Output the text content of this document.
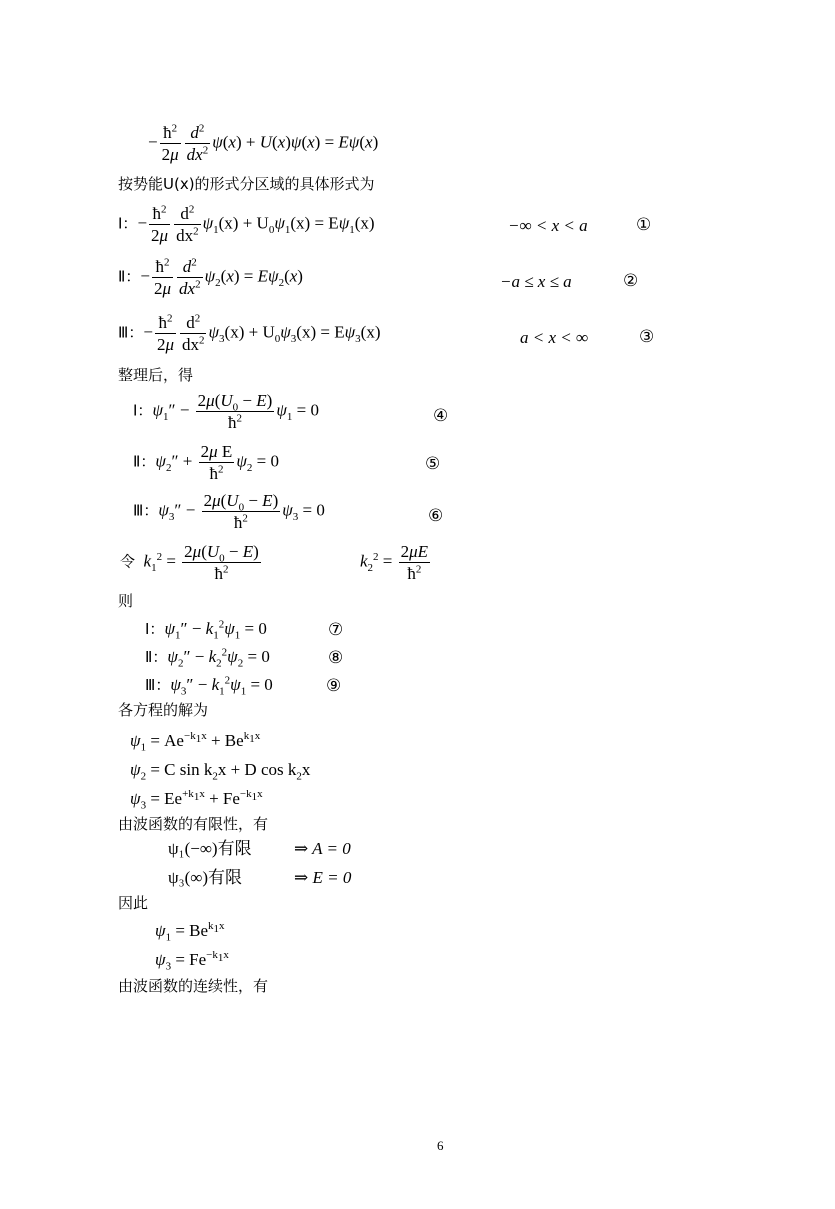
− $\frac{ħ^2}{2\mu} \frac{d^2}{dx^2} \psi(x) + U(x)\psi(x) = E\psi(x)$
按势能U(x)的形式分区域的具体形式为
Ⅰ：− $\frac{ħ^2}{2\mu} \frac{d^2}{dx^2} \psi_1(x) + U_0\psi_1(x) = E\psi_1(x)$	−∞ < x < a	①
Ⅱ：− $\frac{ħ^2}{2\mu} \frac{d^2}{dx^2} \psi_2(x) = E\psi_2(x)$	−a ≤ x ≤ a	②
Ⅲ：− $\frac{ħ^2}{2\mu} \frac{d^2}{dx^2} \psi_3(x) + U_0\psi_3(x) = E\psi_3(x)$	a < x < ∞	③
整理后，得
Ⅰ：$\psi_1'' - \frac{2\mu(U_0 - E)}{ħ^2} \psi_1 = 0$	④
Ⅱ：$\psi_2'' + \frac{\text{2μ E}}{ħ^2} \psi_2 = 0$	⑤
Ⅲ：$\psi_3'' - \frac{2\mu(U_0 - E)}{ħ^2} \psi_3 = 0$	⑥
令 $k_1^2 = \frac{2\mu(U_0 - E)}{ħ^2}$	$k_2^2 = \frac{2\mu E}{ħ^2}$
则
Ⅰ：$\psi_1'' - k_1^2\psi_1 = 0$	⑦
Ⅱ：$\psi_2'' - k_2^2\psi_2 = 0$	⑧
Ⅲ：$\psi_3'' - k_1^2\psi_1 = 0$	⑨
各方程的解为
$\psi_1 = Ae^{-k_1x} + Be^{k_1x}$
$\psi_2 = C$ $\sin k_2x + D$ $\cos k_2x$
$\psi_3 = Ee^{+k_1x} + Fe^{-k_1x}$
由波函数的有限性，有
ψ₁(−∞)有限 ⇒ A = 0
ψ₃(∞)有限	⇒ E = 0
因此
$\psi_1 = Be^{k_1x}$
$\psi_3 = Fe^{-k_1x}$
由波函数的连续性，有
6
